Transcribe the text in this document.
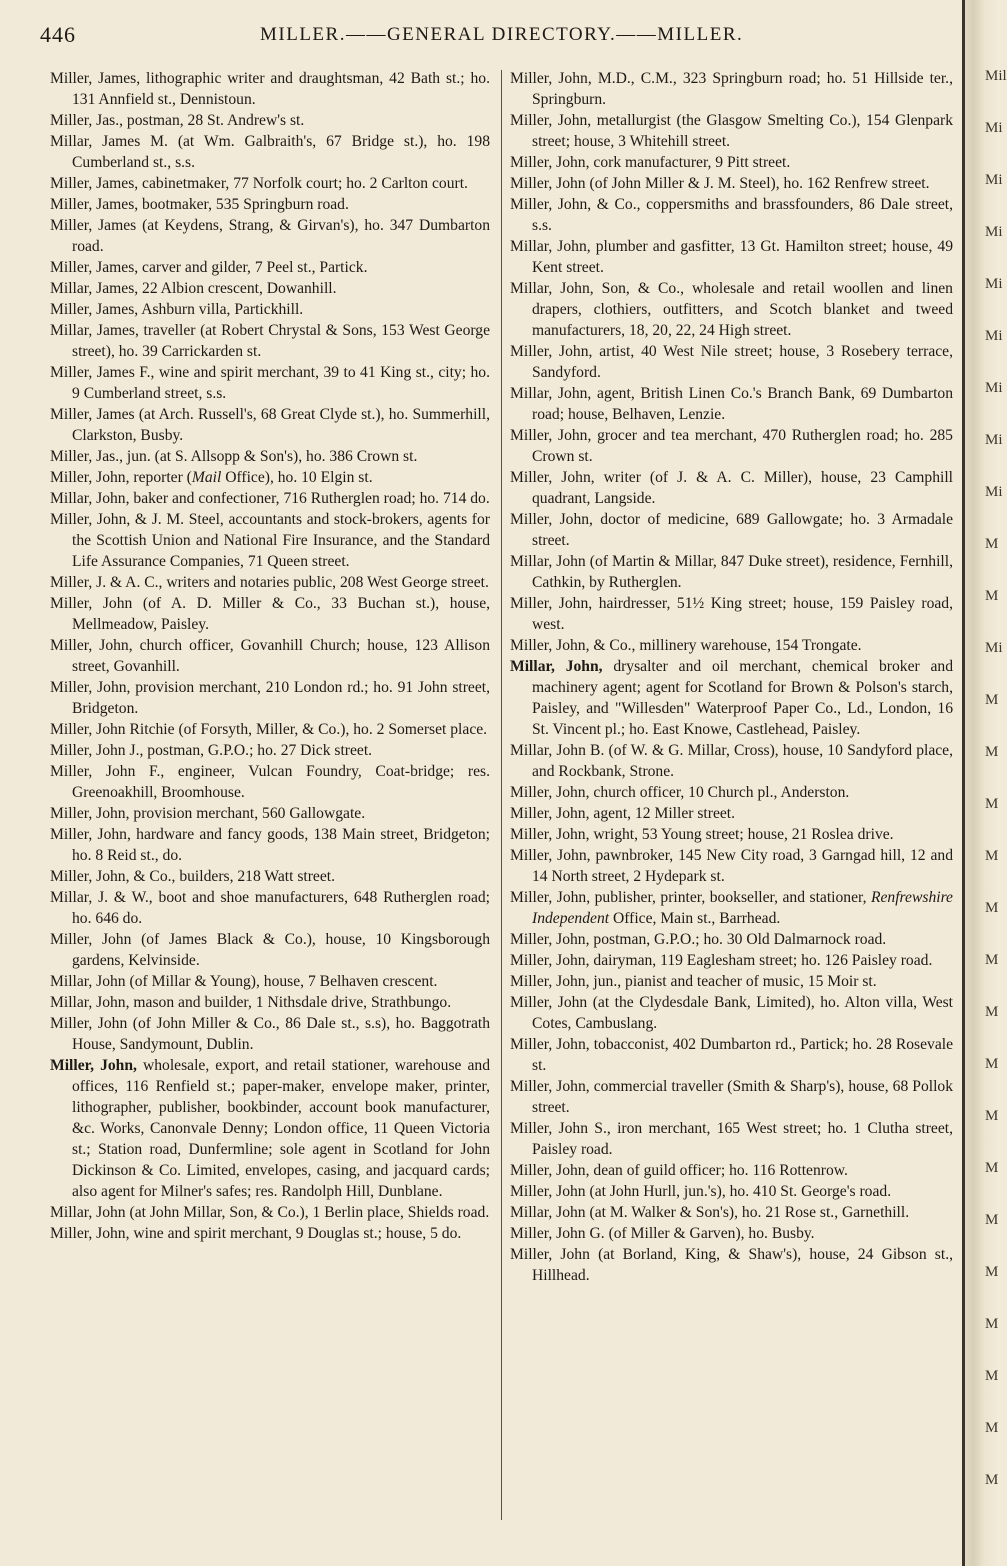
446	MILLER.——GENERAL DIRECTORY.——MILLER.

Miller, James, lithographic writer and draughtsman, 42 Bath st.; ho. 131 Annfield st., Dennistoun.

Miller, Jas., postman, 28 St. Andrew's st.

Millar, James M. (at Wm. Galbraith's, 67 Bridge st.), ho. 198 Cumberland st., s.s.

Miller, James, cabinetmaker, 77 Norfolk court; ho. 2 Carlton court.

Miller, James, bootmaker, 535 Springburn road.

Miller, James (at Keydens, Strang, & Girvan's), ho. 347 Dumbarton road.

Miller, James, carver and gilder, 7 Peel st., Partick.

Millar, James, 22 Albion crescent, Dowanhill.

Miller, James, Ashburn villa, Partickhill.

Millar, James, traveller (at Robert Chrystal & Sons, 153 West George street), ho. 39 Carrickarden st.

Miller, James F., wine and spirit merchant, 39 to 41 King st., city; ho. 9 Cumberland street, s.s.

Miller, James (at Arch. Russell's, 68 Great Clyde st.), ho. Summerhill, Clarkston, Busby.

Miller, Jas., jun. (at S. Allsopp & Son's), ho. 386 Crown st.

Miller, John, reporter (Mail Office), ho. 10 Elgin st.

Millar, John, baker and confectioner, 716 Rutherglen road; ho. 714 do.

Miller, John, & J. M. Steel, accountants and stock-brokers, agents for the Scottish Union and National Fire Insurance, and the Standard Life Assurance Companies, 71 Queen street.

Miller, J. & A. C., writers and notaries public, 208 West George street.

Miller, John (of A. D. Miller & Co., 33 Buchan st.), house, Mellmeadow, Paisley.

Miller, John, church officer, Govanhill Church; house, 123 Allison street, Govanhill.

Miller, John, provision merchant, 210 London rd.; ho. 91 John street, Bridgeton.

Miller, John Ritchie (of Forsyth, Miller, & Co.), ho. 2 Somerset place.

Miller, John J., postman, G.P.O.; ho. 27 Dick street.

Miller, John F., engineer, Vulcan Foundry, Coat-bridge; res. Greenoakhill, Broomhouse.

Miller, John, provision merchant, 560 Gallowgate.

Miller, John, hardware and fancy goods, 138 Main street, Bridgeton; ho. 8 Reid st., do.

Miller, John, & Co., builders, 218 Watt street.

Millar, J. & W., boot and shoe manufacturers, 648 Rutherglen road; ho. 646 do.

Miller, John (of James Black & Co.), house, 10 Kingsborough gardens, Kelvinside.

Millar, John (of Millar & Young), house, 7 Belhaven crescent.

Millar, John, mason and builder, 1 Nithsdale drive, Strathbungo.

Miller, John (of John Miller & Co., 86 Dale st., s.s), ho. Baggotrath House, Sandymount, Dublin.

Miller, John, wholesale, export, and retail stationer, warehouse and offices, 116 Renfield st.; paper-maker, envelope maker, printer, lithographer, publisher, bookbinder, account book manufacturer, &c. Works, Canonvale Denny; London office, 11 Queen Victoria st.; Station road, Dunfermline; sole agent in Scotland for John Dickinson & Co. Limited, envelopes, casing, and jacquard cards; also agent for Milner's safes; res. Randolph Hill, Dunblane.

Millar, John (at John Millar, Son, & Co.), 1 Berlin place, Shields road.

Miller, John, wine and spirit merchant, 9 Douglas st.; house, 5 do.

Miller, John, M.D., C.M., 323 Springburn road; ho. 51 Hillside ter., Springburn.

Miller, John, metallurgist (the Glasgow Smelting Co.), 154 Glenpark street; house, 3 Whitehill street.

Miller, John, cork manufacturer, 9 Pitt street.

Miller, John (of John Miller & J. M. Steel), ho. 162 Renfrew street.

Miller, John, & Co., coppersmiths and brassfounders, 86 Dale street, s.s.

Millar, John, plumber and gasfitter, 13 Gt. Hamilton street; house, 49 Kent street.

Millar, John, Son, & Co., wholesale and retail woollen and linen drapers, clothiers, outfitters, and Scotch blanket and tweed manufacturers, 18, 20, 22, 24 High street.

Miller, John, artist, 40 West Nile street; house, 3 Rosebery terrace, Sandyford.

Millar, John, agent, British Linen Co.'s Branch Bank, 69 Dumbarton road; house, Belhaven, Lenzie.

Miller, John, grocer and tea merchant, 470 Rutherglen road; ho. 285 Crown st.

Miller, John, writer (of J. & A. C. Miller), house, 23 Camphill quadrant, Langside.

Miller, John, doctor of medicine, 689 Gallowgate; ho. 3 Armadale street.

Millar, John (of Martin & Millar, 847 Duke street), residence, Fernhill, Cathkin, by Rutherglen.

Miller, John, hairdresser, 51½ King street; house, 159 Paisley road, west.

Miller, John, & Co., millinery warehouse, 154 Trongate.

Millar, John, drysalter and oil merchant, chemical broker and machinery agent; agent for Scotland for Brown & Polson's starch, Paisley, and "Willesden" Waterproof Paper Co., Ld., London, 16 St. Vincent pl.; ho. East Knowe, Castlehead, Paisley.

Millar, John B. (of W. & G. Millar, Cross), house, 10 Sandyford place, and Rockbank, Strone.

Miller, John, church officer, 10 Church pl., Anderston.

Miller, John, agent, 12 Miller street.

Miller, John, wright, 53 Young street; house, 21 Roslea drive.

Miller, John, pawnbroker, 145 New City road, 3 Garngad hill, 12 and 14 North street, 2 Hydepark st.

Miller, John, publisher, printer, bookseller, and stationer, Renfrewshire Independent Office, Main st., Barrhead.

Miller, John, postman, G.P.O.; ho. 30 Old Dalmarnock road.

Miller, John, dairyman, 119 Eaglesham street; ho. 126 Paisley road.

Miller, John, jun., pianist and teacher of music, 15 Moir st.

Miller, John (at the Clydesdale Bank, Limited), ho. Alton villa, West Cotes, Cambuslang.

Miller, John, tobacconist, 402 Dumbarton rd., Partick; ho. 28 Rosevale st.

Miller, John, commercial traveller (Smith & Sharp's), house, 68 Pollok street.

Miller, John S., iron merchant, 165 West street; ho. 1 Clutha street, Paisley road.

Miller, John, dean of guild officer; ho. 116 Rottenrow.

Miller, John (at John Hurll, jun.'s), ho. 410 St. George's road.

Millar, John (at M. Walker & Son's), ho. 21 Rose st., Garnethill.

Miller, John G. (of Miller & Garven), ho. Busby.

Miller, John (at Borland, King, & Shaw's), house, 24 Gibson st., Hillhead.

Mil
Mi
Mi
Mi
Mi
Mi
Mi
Mi
Mi
M
M
Mi
M
M
M
M
M
M
M
M
M
M
M
M
M
M
M
M
